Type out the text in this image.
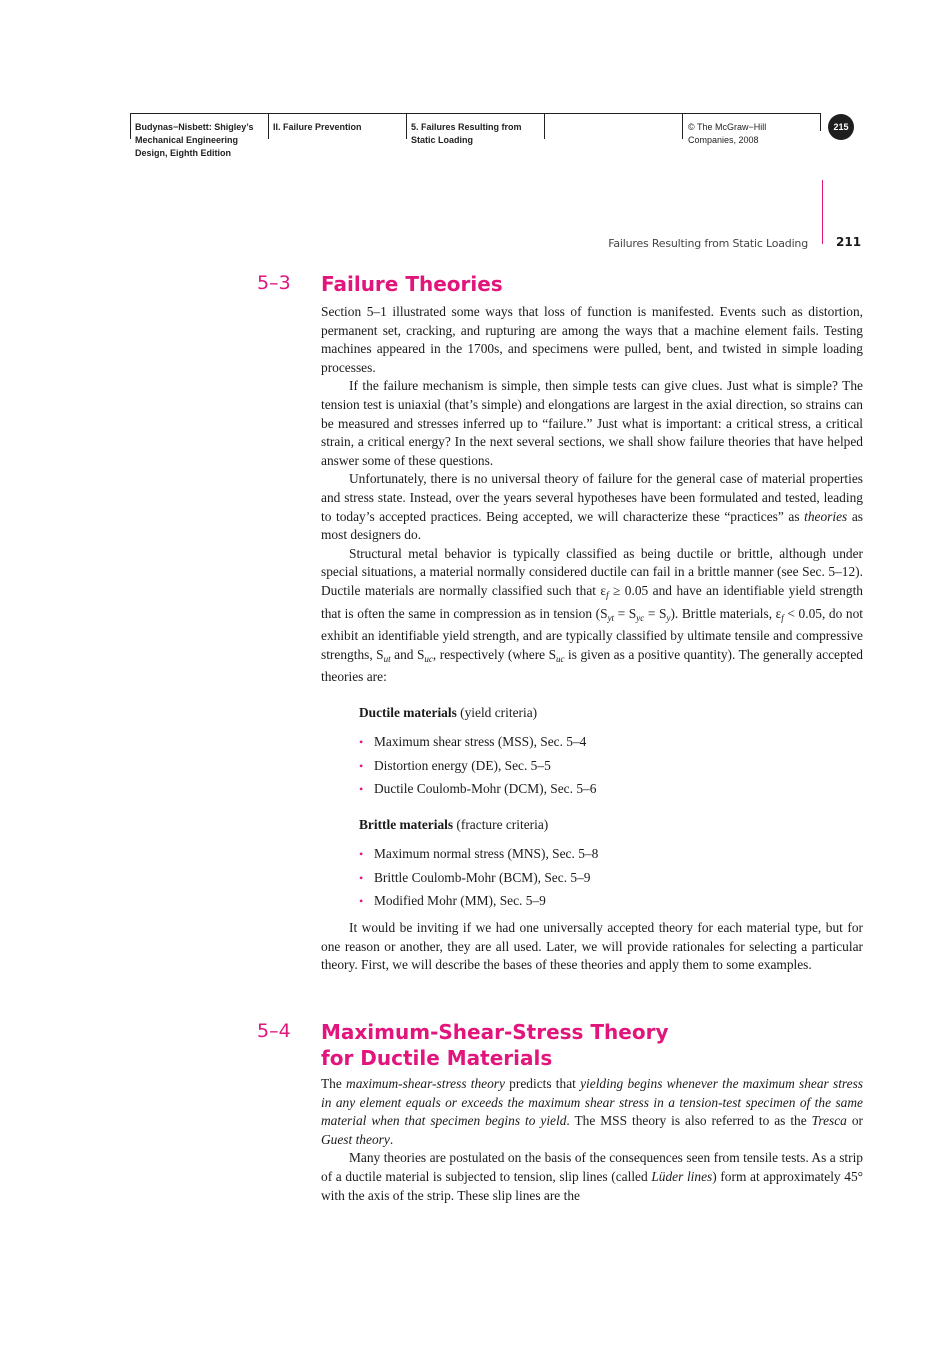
Budynas−Nisbett: Shigley’s
Mechanical Engineering
Design, Eighth Edition
II. Failure Prevention	5. Failures Resulting from
Static Loading
© The McGraw−Hill
Companies, 2008
215
Failures Resulting from Static Loading 211
5–3 Failure Theories

Section 5–1 illustrated some ways that loss of function is manifested. Events such as distortion, permanent set, cracking, and rupturing are among the ways that a machine element fails. Testing machines appeared in the 1700s, and specimens were pulled, bent, and twisted in simple loading processes.

If the failure mechanism is simple, then simple tests can give clues. Just what is simple? The tension test is uniaxial (that’s simple) and elongations are largest in the axial direction, so strains can be measured and stresses inferred up to “failure.” Just what is important: a critical stress, a critical strain, a critical energy? In the next several sections, we shall show failure theories that have helped answer some of these questions.

Unfortunately, there is no universal theory of failure for the general case of material properties and stress state. Instead, over the years several hypotheses have been formulated and tested, leading to today’s accepted practices. Being accepted, we will characterize these “practices” as theories as most designers do.

Structural metal behavior is typically classified as being ductile or brittle, although under special situations, a material normally considered ductile can fail in a brittle manner (see Sec. 5–12). Ductile materials are normally classified such that $\varepsilon_f \ge 0.05$ and have an identifiable yield strength that is often the same in compression as in tension $(S_{yt} = S_{yc} = S_y)$. Brittle materials, $\varepsilon_f < 0.05$, do not exhibit an identifiable yield strength, and are typically classified by ultimate tensile and compressive strengths, $S_{ut}$ and $S_{uc}$, respectively (where $S_{uc}$ is given as a positive quantity). The generally accepted theories are:

Ductile materials (yield criteria)
• Maximum shear stress (MSS), Sec. 5–4
• Distortion energy (DE), Sec. 5–5
• Ductile Coulomb-Mohr (DCM), Sec. 5–6
Brittle materials (fracture criteria)
• Maximum normal stress (MNS), Sec. 5–8
• Brittle Coulomb-Mohr (BCM), Sec. 5–9
• Modified Mohr (MM), Sec. 5–9

It would be inviting if we had one universally accepted theory for each material type, but for one reason or another, they are all used. Later, we will provide rationales for selecting a particular theory. First, we will describe the bases of these theories and apply them to some examples.

5–4 Maximum-Shear-Stress Theory
for Ductile Materials

The maximum-shear-stress theory predicts that yielding begins whenever the maximum shear stress in any element equals or exceeds the maximum shear stress in a tension-test specimen of the same material when that specimen begins to yield. The MSS theory is also referred to as the Tresca or Guest theory.

Many theories are postulated on the basis of the consequences seen from tensile tests. As a strip of a ductile material is subjected to tension, slip lines (called Lüder lines) form at approximately 45° with the axis of the strip. These slip lines are the
